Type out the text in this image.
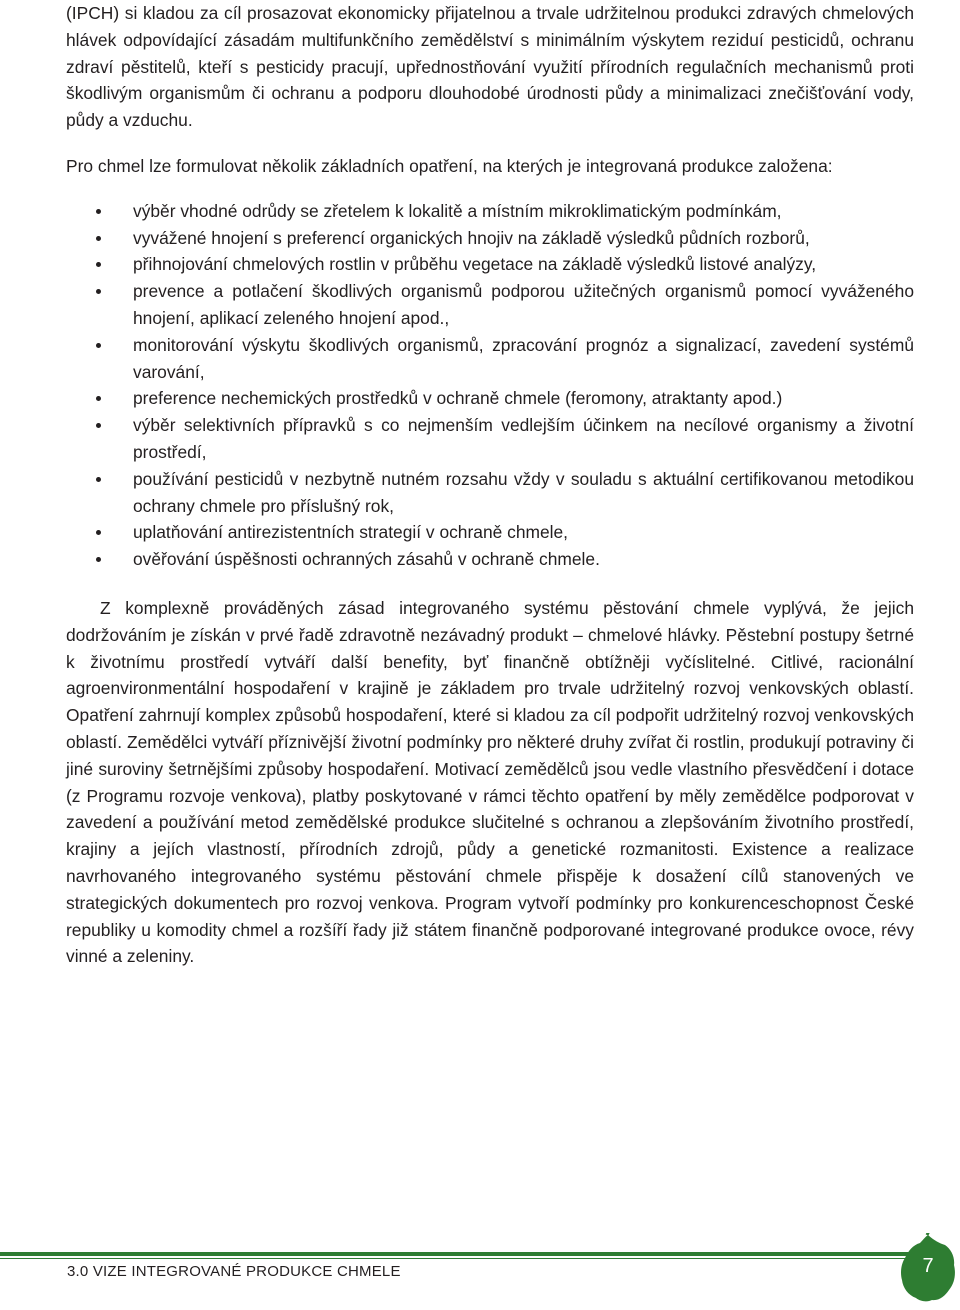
(IPCH) si kladou za cíl prosazovat ekonomicky přijatelnou a trvale udržitelnou produkci zdravých chmelových hlávek odpovídající zásadám multifunkčního zemědělství s minimálním výskytem reziduí pesticidů, ochranu zdraví pěstitelů, kteří s pesticidy pracují, upřednostňování využití přírodních regulačních mechanismů proti škodlivým organismům či ochranu a podporu dlouhodobé úrodnosti půdy a minimalizaci znečišťování vody, půdy a vzduchu.

Pro chmel lze formulovat několik základních opatření, na kterých je integrovaná produkce založena:

výběr vhodné odrůdy se zřetelem k lokalitě a místním mikroklimatickým podmínkám,
vyvážené hnojení s preferencí organických hnojiv na základě výsledků půdních rozborů,
přihnojování chmelových rostlin v průběhu vegetace na základě výsledků listové analýzy,
prevence a potlačení škodlivých organismů podporou užitečných organismů pomocí vyváženého hnojení, aplikací zeleného hnojení apod.,
monitorování výskytu škodlivých organismů, zpracování prognóz a signalizací, zavedení systémů varování,
preference nechemických prostředků v ochraně chmele (feromony, atraktanty apod.)
výběr selektivních přípravků s co nejmenším vedlejším účinkem na necílové organismy a životní prostředí,
používání pesticidů v nezbytně nutném rozsahu vždy v souladu s aktuální certifikovanou metodikou ochrany chmele pro příslušný rok,
uplatňování antirezistentních strategií v ochraně chmele,
ověřování úspěšnosti ochranných zásahů v ochraně chmele.

Z komplexně prováděných zásad integrovaného systému pěstování chmele vyplývá, že jejich dodržováním je získán v prvé řadě zdravotně nezávadný produkt – chmelové hlávky. Pěstební postupy šetrné k životnímu prostředí vytváří další benefity, byť finančně obtížněji vyčíslitelné. Citlivé, racionální agroenvironmentální hospodaření v krajině je základem pro trvale udržitelný rozvoj venkovských oblastí. Opatření zahrnují komplex způsobů hospodaření, které si kladou za cíl podpořit udržitelný rozvoj venkovských oblastí. Zemědělci vytváří příznivější životní podmínky pro některé druhy zvířat či rostlin, produkují potraviny či jiné suroviny šetrnějšími způsoby hospodaření. Motivací zemědělců jsou vedle vlastního přesvědčení i dotace (z Programu rozvoje venkova), platby poskytované v rámci těchto opatření by měly zemědělce podporovat v zavedení a používání metod zemědělské produkce slučitelné s ochranou a zlepšováním životního prostředí, krajiny a jejích vlastností, přírodních zdrojů, půdy a genetické rozmanitosti. Existence a realizace navrhovaného integrovaného systému pěstování chmele přispěje k dosažení cílů stanovených ve strategických dokumentech pro rozvoj venkova. Program vytvoří podmínky pro konkurenceschopnost České republiky u komodity chmel a rozšíří řady již státem finančně podporované integrované produkce ovoce, révy vinné a zeleniny.

3.0 VIZE INTEGROVANÉ PRODUKCE CHMELE	7
